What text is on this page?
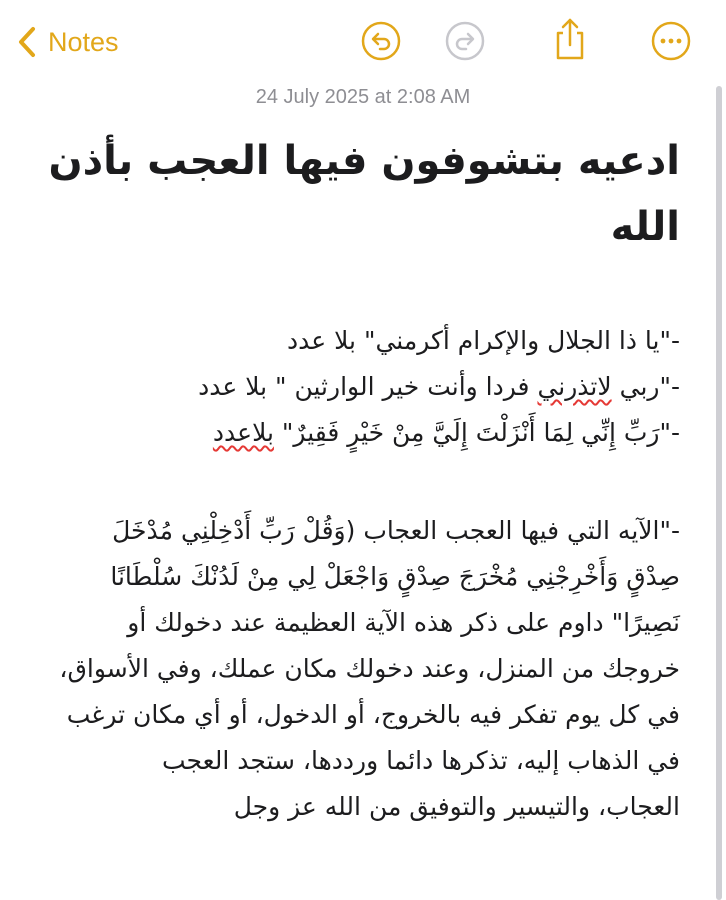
Notes
24 July 2025 at 2:08 AM
ادعيه بتشوفون فيها العجب بأذن الله
-"يا ذا الجلال والإكرام أكرمني" بلا عدد
-"ربي لاتذرني فردا وأنت خير الوارثين " بلا عدد
-"رَبِّ إِنِّي لِمَا أَنْزَلْتَ إِلَيَّ مِنْ خَيْرٍ فَقِيرٌ" بلاعدد
-"الآيه التي فيها العجب العجاب (وَقُلْ رَبِّ أَدْخِلْنِي مُدْخَلَ
صِدْقٍ وَأَخْرِجْنِي مُخْرَجَ صِدْقٍ وَاجْعَلْ لِي مِنْ لَدُنْكَ سُلْطَانًا
نَصِيرًا" داوم على ذكر هذه الآية العظيمة عند دخولك أو
خروجك من المنزل، وعند دخولك مكان عملك، وفي الأسواق،
في كل يوم تفكر فيه بالخروج، أو الدخول، أو أي مكان ترغب
في الذهاب إليه، تذكرها دائما ورددها، ستجد العجب
العجاب، والتيسير والتوفيق من الله عز وجل
